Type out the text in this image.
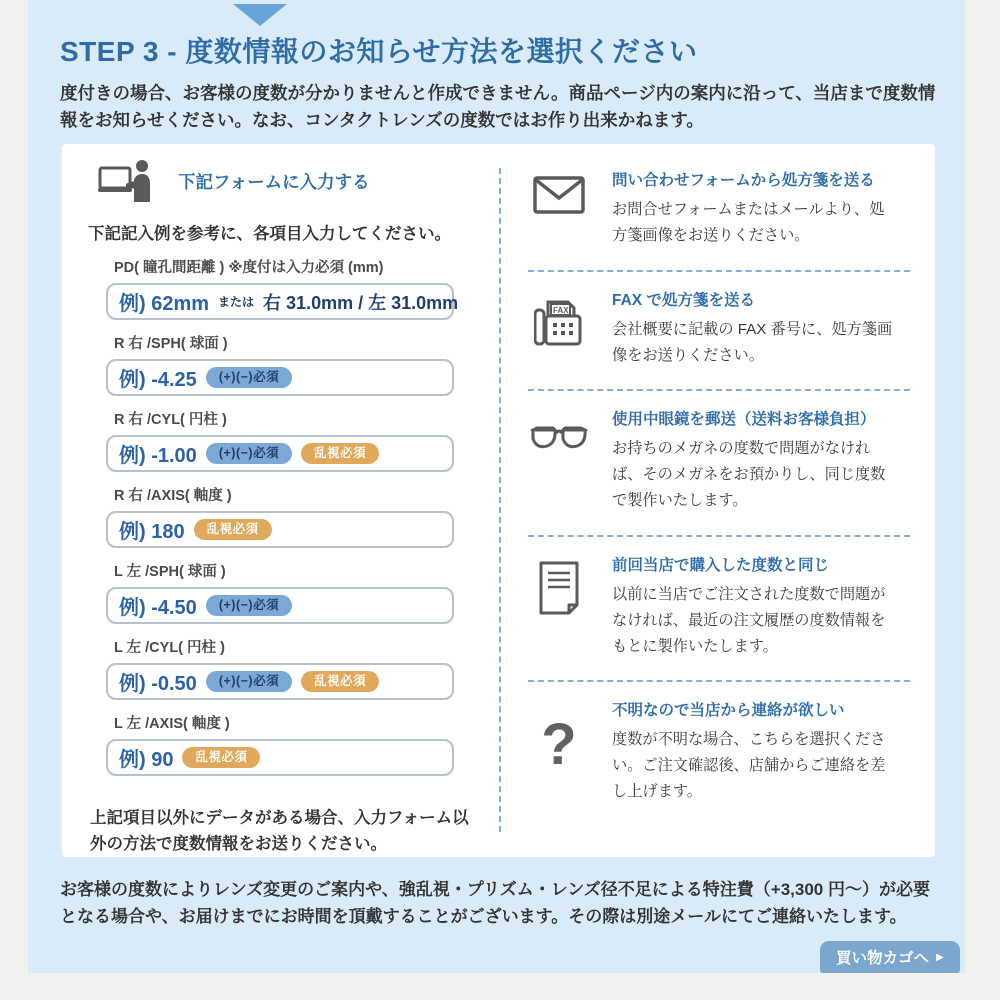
STEP 3 - 度数情報のお知らせ方法を選択ください

度付きの場合、お客様の度数が分かりませんと作成できません。商品ページ内の案内に沿って、当店まで度数情報をお知らせください。なお、コンタクトレンズの度数ではお作り出来かねます。

下記フォームに入力する

下記記入例を参考に、各項目入力してください。

PD( 瞳孔間距離 ) ※度付は入力必須 (mm)
例) 62mm または 右 31.0mm / 左 31.0mm
R 右 /SPH( 球面 )
例) -4.25	(+)(−)必須
R 右 /CYL( 円柱 )
例) -1.00	(+)(−)必須	乱視必須
R 右 /AXIS( 軸度 )
例) 180	乱視必須
L 左 /SPH( 球面 )
例) -4.50	(+)(−)必須
L 左 /CYL( 円柱 )
例) -0.50	(+)(−)必須	乱視必須
L 左 /AXIS( 軸度 )
例) 90	乱視必須

上記項目以外にデータがある場合、入力フォーム以外の方法で度数情報をお送りください。

問い合わせフォームから処方箋を送る
お問合せフォームまたはメールより、処方箋画像をお送りください。
FAX
FAX で処方箋を送る
会社概要に記載の FAX 番号に、処方箋画像をお送りください。
使用中眼鏡を郵送（送料お客様負担）
お持ちのメガネの度数で問題がなければ、そのメガネをお預かりし、同じ度数で製作いたします。
前回当店で購入した度数と同じ
以前に当店でご注文された度数で問題がなければ、最近の注文履歴の度数情報をもとに製作いたします。
?
不明なので当店から連絡が欲しい
度数が不明な場合、こちらを選択ください。ご注文確認後、店舗からご連絡を差し上げます。

お客様の度数によりレンズ変更のご案内や、強乱視・プリズム・レンズ径不足による特注費（+3,300 円〜）が必要となる場合や、お届けまでにお時間を頂戴することがございます。その際は別途メールにてご連絡いたします。

買い物カゴへ ▶
